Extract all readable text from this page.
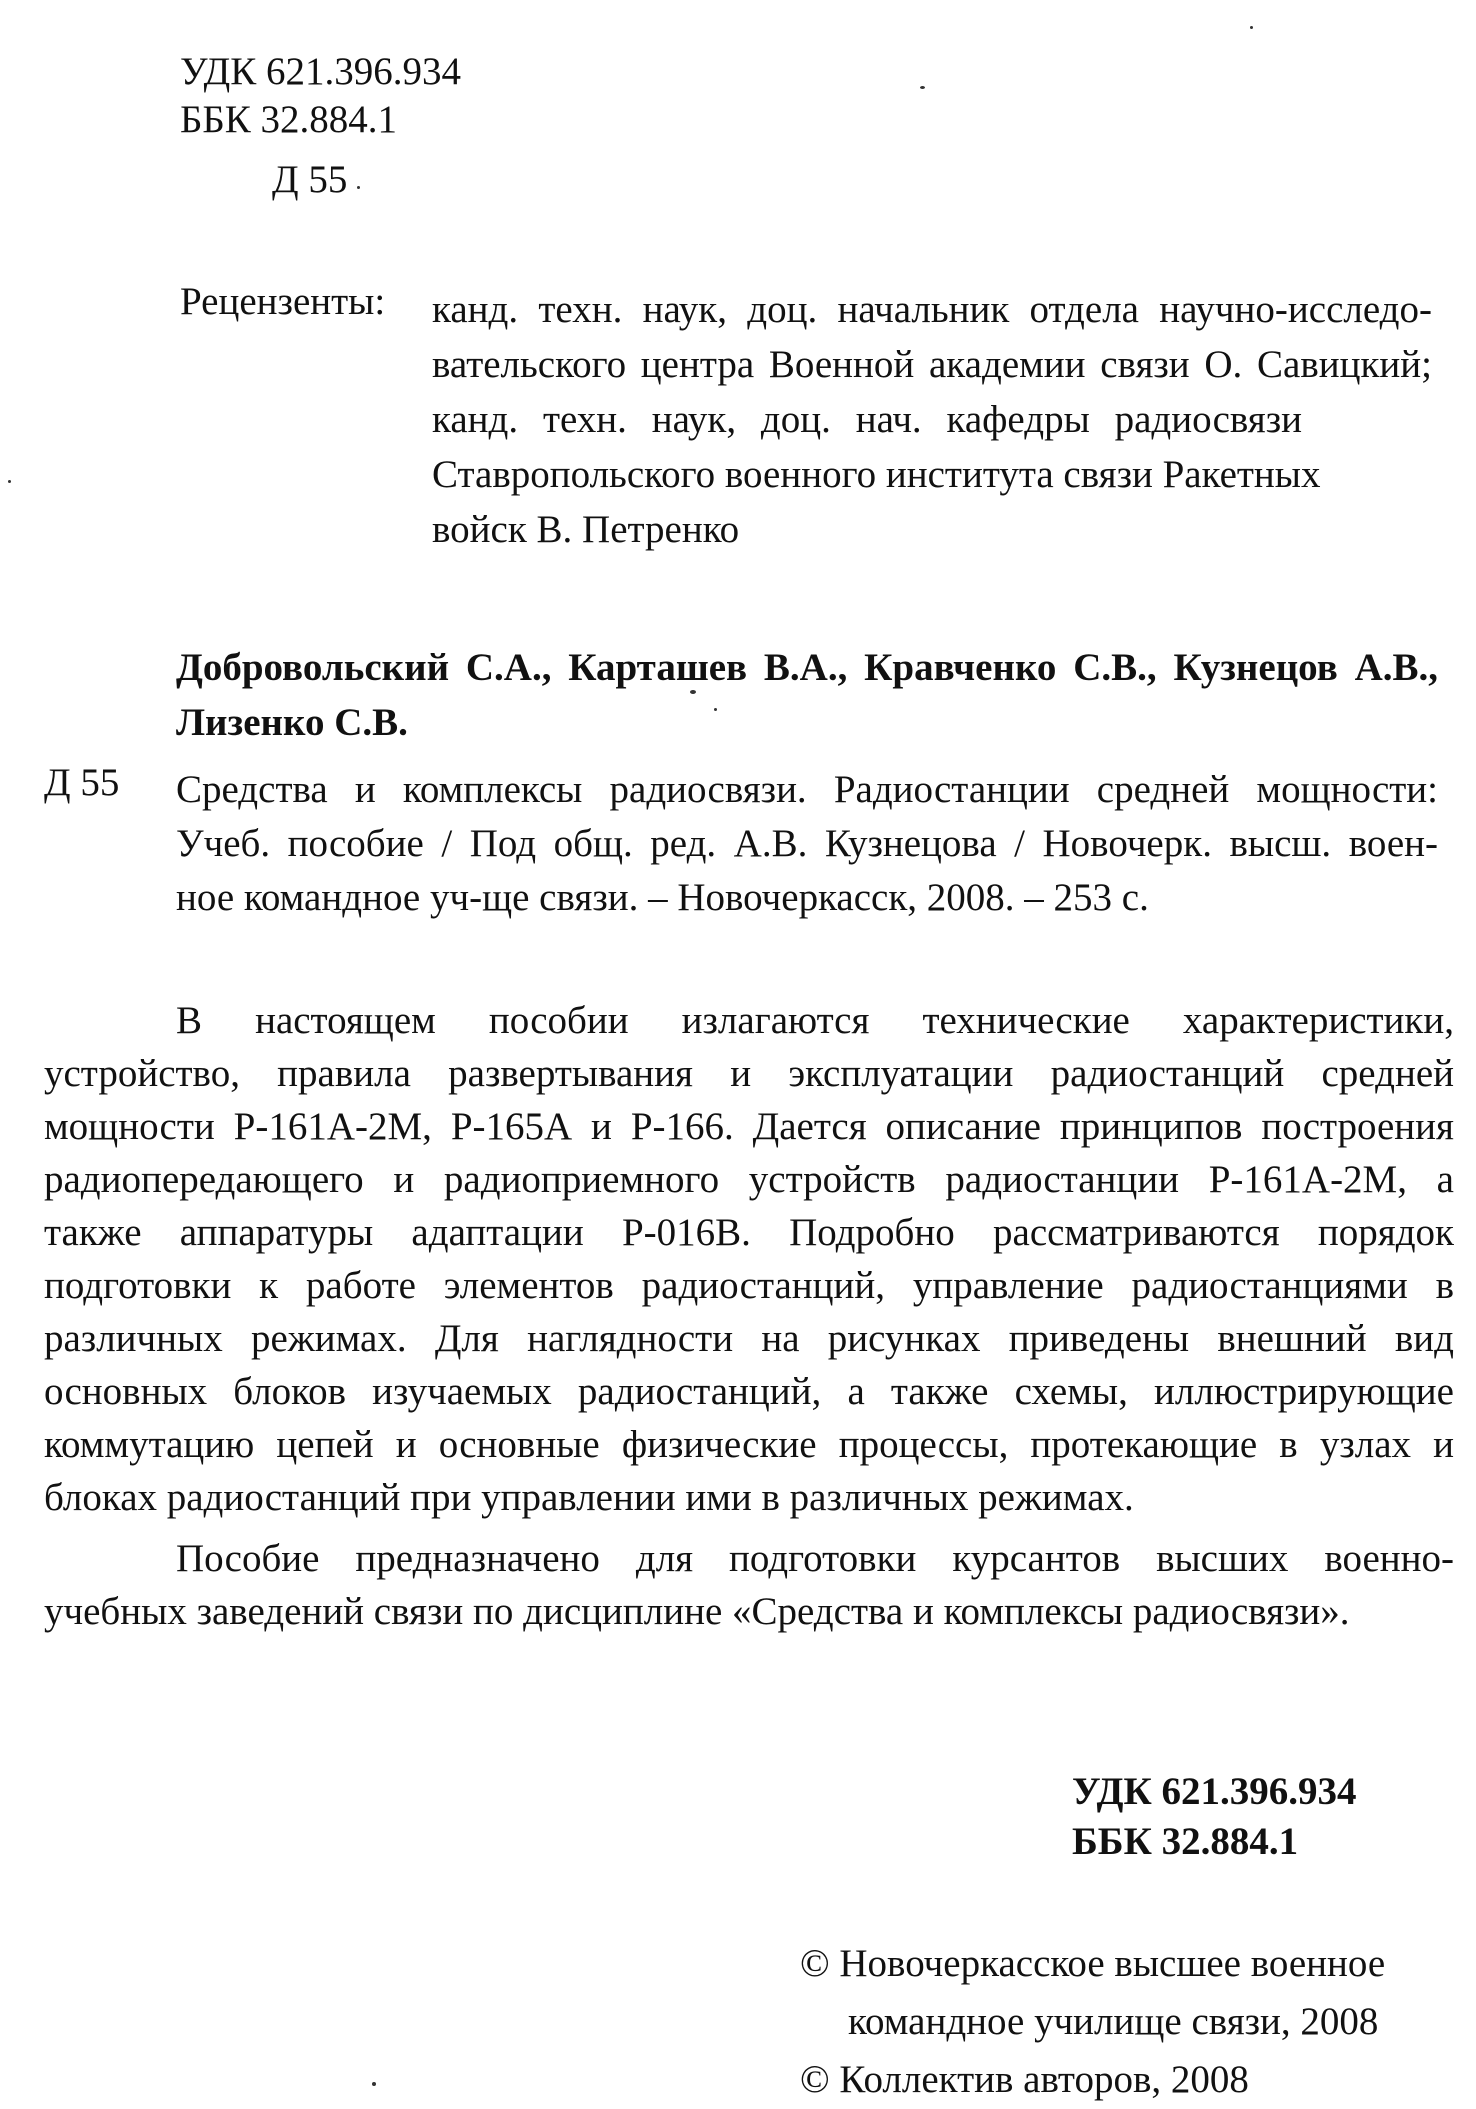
УДК 621.396.934
ББК 32.884.1
Д 55
Рецензенты: канд. техн. наук, доц. начальник отдела научно-исследо-
вательского центра Военной академии связи О. Савицкий;
канд. техн. наук, доц. нач. кафедры радиосвязи
Ставропольского военного института связи Ракетных
войск В. Петренко
Добровольский С.А., Карташев В.А., Кравченко С.В., Кузнецов А.В.,
Лизенко С.В.
Д 55 Средства и комплексы радиосвязи. Радиостанции средней мощности:
Учеб. пособие / Под общ. ред. А.В. Кузнецова / Новочерк. высш. воен-
ное командное уч-ще связи. – Новочеркасск, 2008. – 253 с.

В настоящем пособии излагаются технические характеристики,
устройство, правила развертывания и эксплуатации радиостанций средней
мощности Р-161А-2М, Р-165А и Р-166. Дается описание принципов построения
радиопередающего и радиоприемного устройств радиостанции Р-161А-2М, а
также аппаратуры адаптации Р-016В. Подробно рассматриваются порядок
подготовки к работе элементов радиостанций, управление радиостанциями в
различных режимах. Для наглядности на рисунках приведены внешний вид
основных блоков изучаемых радиостанций, а также схемы, иллюстрирующие
коммутацию цепей и основные физические процессы, протекающие в узлах и
блоках радиостанций при управлении ими в различных режимах.

Пособие предназначено для подготовки курсантов высших военно-
учебных заведений связи по дисциплине «Средства и комплексы радиосвязи».

УДК 621.396.934
ББК 32.884.1
© Новочеркасское высшее военное
командное училище связи, 2008
© Коллектив авторов, 2008
